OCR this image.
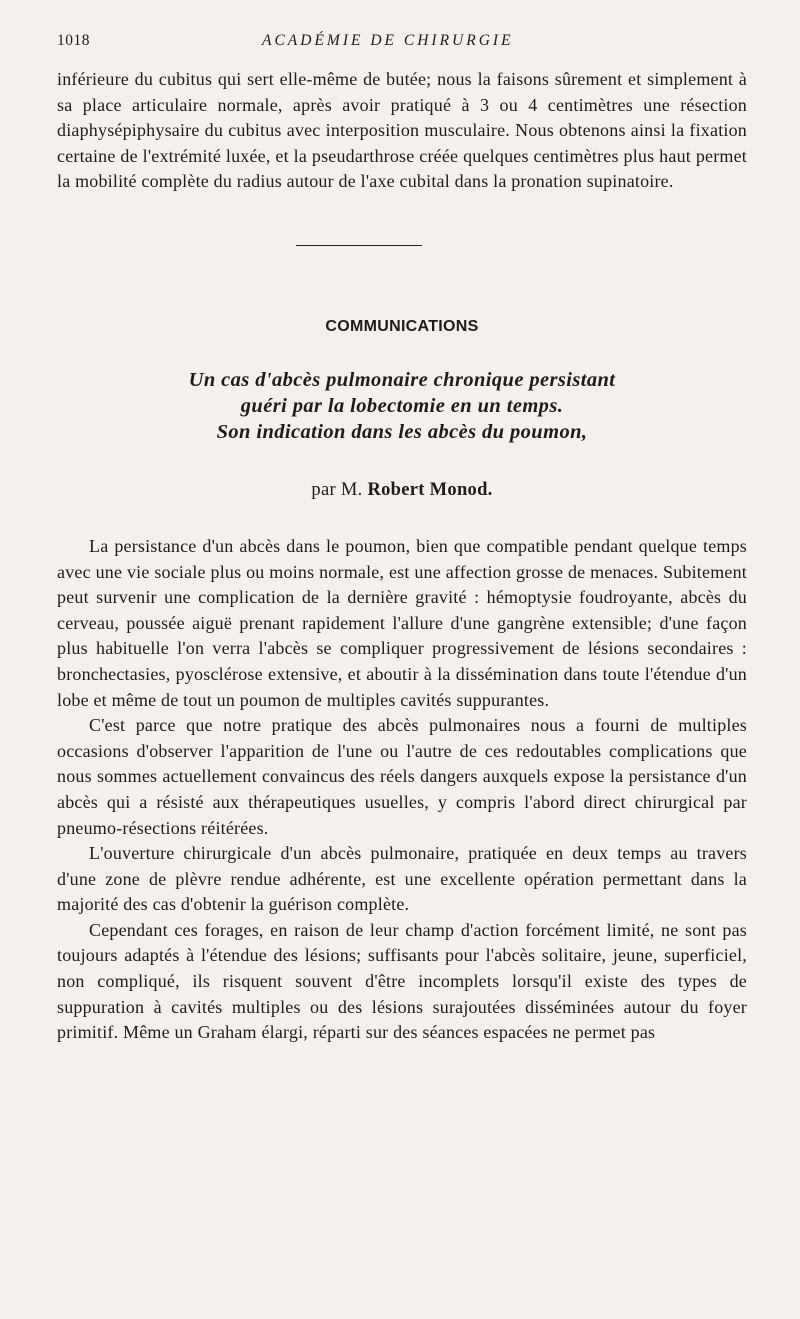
1018	ACADÉMIE DE CHIRURGIE

inférieure du cubitus qui sert elle-même de butée; nous la faisons sûrement et simplement à sa place articulaire normale, après avoir pratiqué à 3 ou 4 centimètres une résection diaphysépiphysaire du cubitus avec interposition musculaire. Nous obtenons ainsi la fixation certaine de l'extrémité luxée, et la pseudarthrose créée quelques centimètres plus haut permet la mobilité complète du radius autour de l'axe cubital dans la pronation supinatoire.

COMMUNICATIONS
Un cas d'abcès pulmonaire chronique persistant
guéri par la lobectomie en un temps.
Son indication dans les abcès du poumon,
par M. Robert Monod.

La persistance d'un abcès dans le poumon, bien que compatible pendant quelque temps avec une vie sociale plus ou moins normale, est une affection grosse de menaces. Subitement peut survenir une complication de la dernière gravité : hémoptysie foudroyante, abcès du cerveau, poussée aiguë prenant rapidement l'allure d'une gangrène extensible; d'une façon plus habituelle l'on verra l'abcès se compliquer progressivement de lésions secondaires : bronchectasies, pyosclérose extensive, et aboutir à la dissémination dans toute l'étendue d'un lobe et même de tout un poumon de multiples cavités suppurantes.

C'est parce que notre pratique des abcès pulmonaires nous a fourni de multiples occasions d'observer l'apparition de l'une ou l'autre de ces redoutables complications que nous sommes actuellement convaincus des réels dangers auxquels expose la persistance d'un abcès qui a résisté aux thérapeutiques usuelles, y compris l'abord direct chirurgical par pneumo-résections réitérées.

L'ouverture chirurgicale d'un abcès pulmonaire, pratiquée en deux temps au travers d'une zone de plèvre rendue adhérente, est une excellente opération permettant dans la majorité des cas d'obtenir la guérison complète.

Cependant ces forages, en raison de leur champ d'action forcément limité, ne sont pas toujours adaptés à l'étendue des lésions; suffisants pour l'abcès solitaire, jeune, superficiel, non compliqué, ils risquent souvent d'être incomplets lorsqu'il existe des types de suppuration à cavités multiples ou des lésions surajoutées disséminées autour du foyer primitif. Même un Graham élargi, réparti sur des séances espacées ne permet pas
